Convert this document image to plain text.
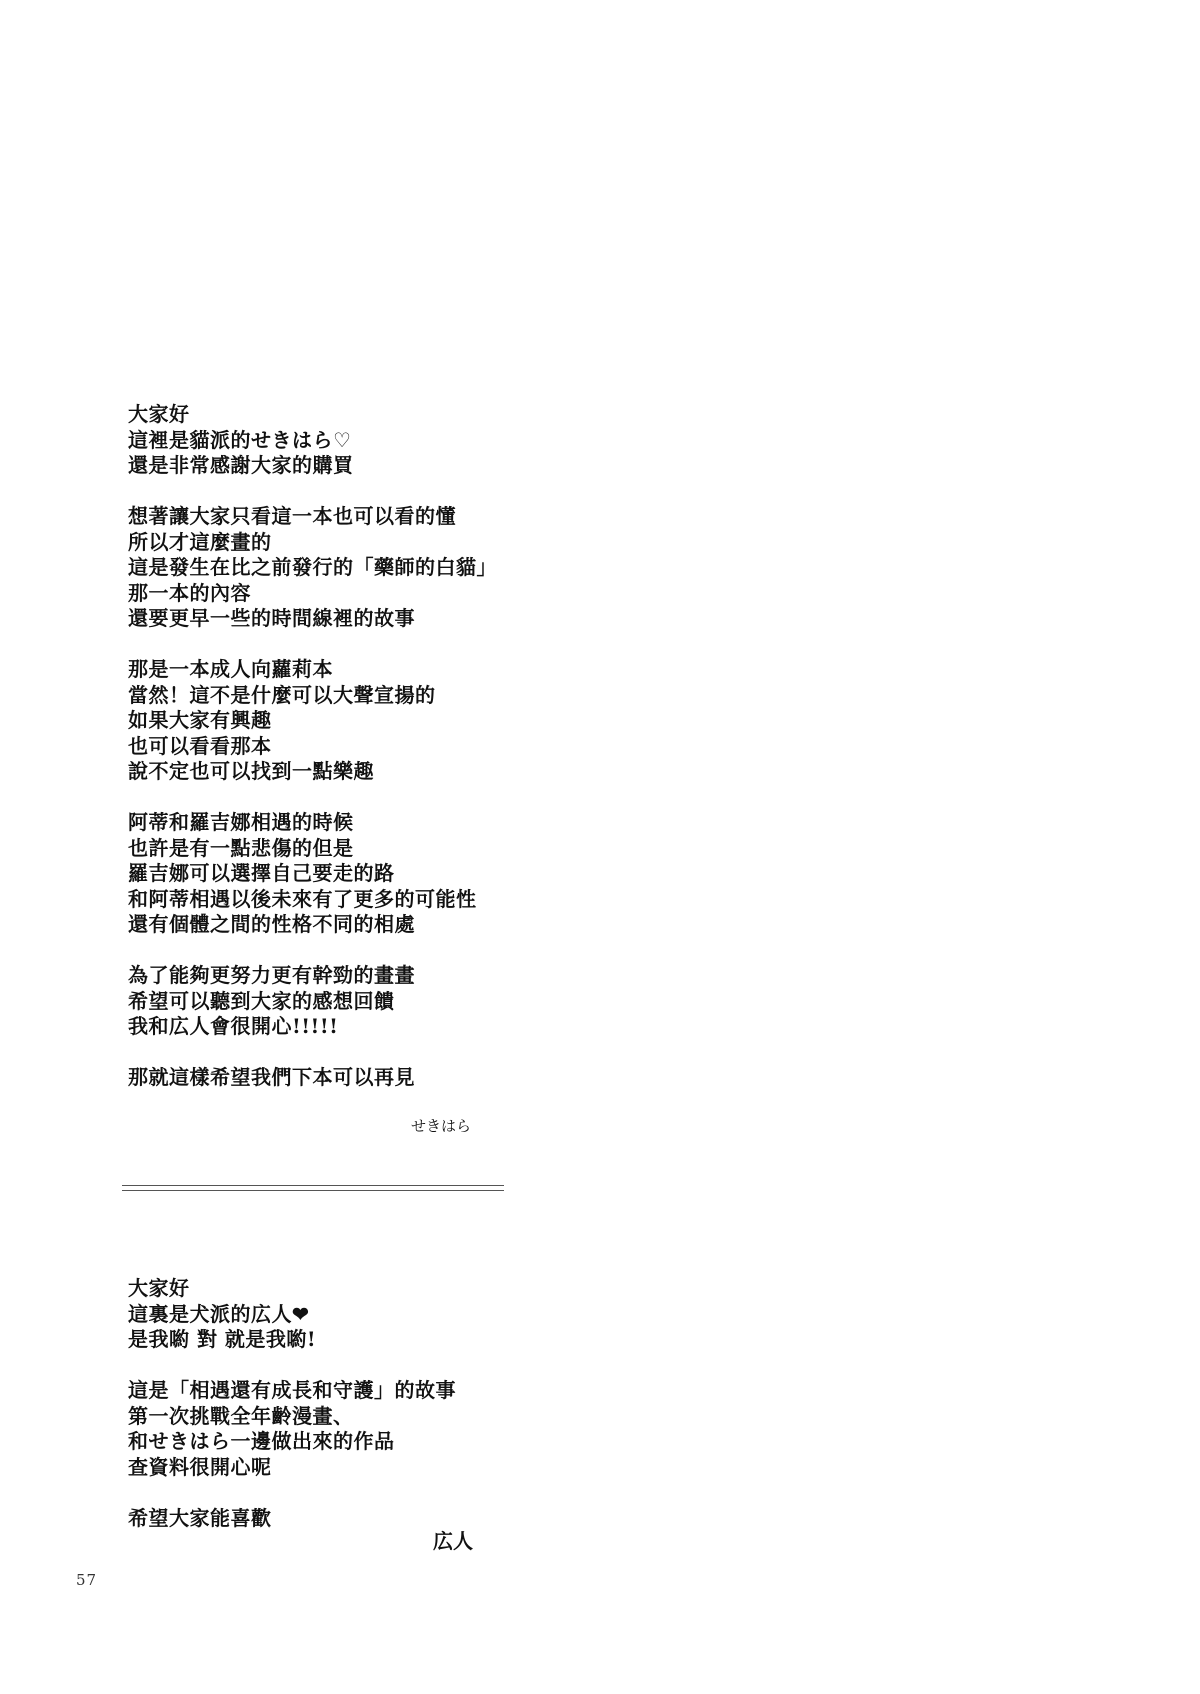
大家好
這裡是貓派的せきはら♡
還是非常感謝大家的購買
想著讓大家只看這一本也可以看的懂
所以才這麼畫的
這是發生在比之前發行的「藥師的白貓」
那一本的內容
還要更早一些的時間線裡的故事
那是一本成人向蘿莉本
當然！這不是什麼可以大聲宣揚的
如果大家有興趣
也可以看看那本
說不定也可以找到一點樂趣
阿蒂和羅吉娜相遇的時候
也許是有一點悲傷的但是
羅吉娜可以選擇自己要走的路
和阿蒂相遇以後未來有了更多的可能性
還有個體之間的性格不同的相處
為了能夠更努力更有幹勁的畫畫
希望可以聽到大家的感想回饋
我和広人會很開心!!!!!
那就這樣希望我們下本可以再見
せきはら
大家好
這裏是犬派的広人❤
是我喲 對 就是我喲!
這是「相遇還有成長和守護」的故事
第一次挑戰全年齡漫畫、
和せきはら一邊做出來的作品
查資料很開心呢
希望大家能喜歡
広人
57
